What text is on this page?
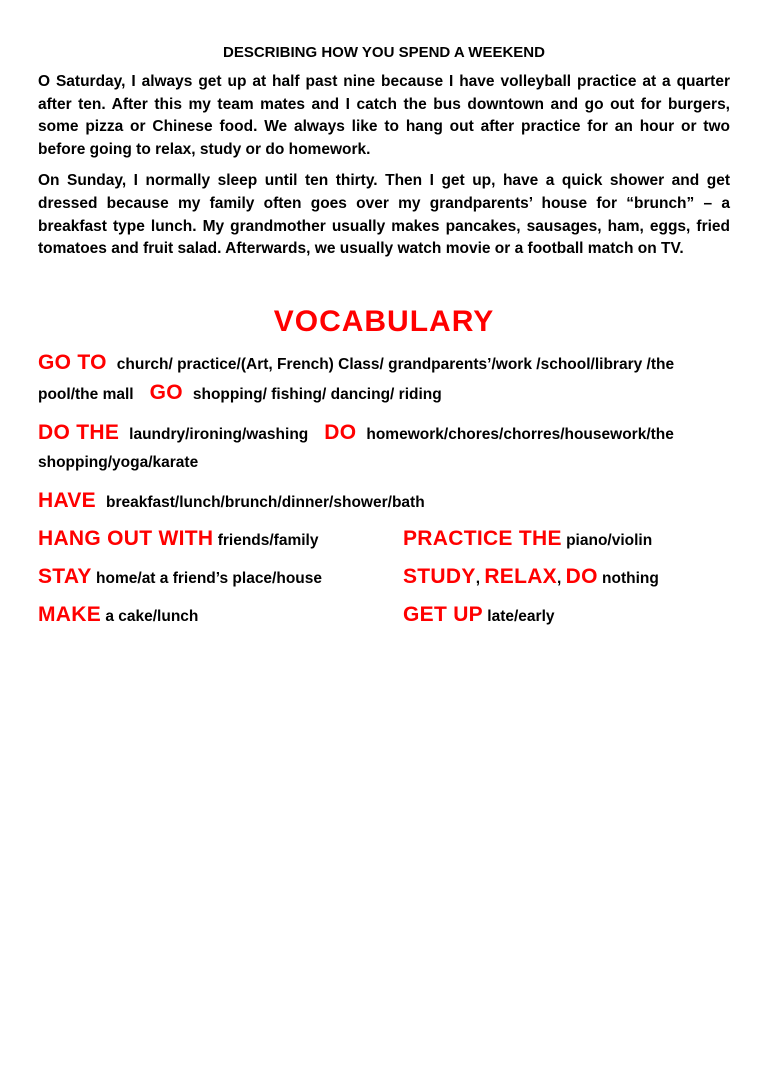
DESCRIBING HOW YOU SPEND A WEEKEND

O Saturday, I always get up at half past nine because I have volleyball practice at a quarter after ten. After this my team mates and I catch the bus downtown and go out for burgers, some pizza or Chinese food. We always like to hang out after practice for an hour or two before going to relax, study or do homework.

On Sunday, I normally sleep until ten thirty. Then I get up, have a quick shower and get dressed because my family often goes over my grandparents’ house for “brunch” – a breakfast type lunch. My grandmother usually makes pancakes, sausages, ham, eggs, fried tomatoes and fruit salad. Afterwards, we usually watch movie or a football match on TV.

VOCABULARY

GO TO church/ practice/(Art, French) Class/ grandparents’/work /school/library /the

pool/the mall GO shopping/ fishing/ dancing/ riding

DO THE laundry/ironing/washing DO homework/chores/chorres/housework/the

shopping/yoga/karate

HAVE breakfast/lunch/brunch/dinner/shower/bath

HANG OUT WITH friends/family	PRACTICE THE piano/violin

STAY home/at a friend’s place/house	STUDY, RELAX, DO nothing

MAKE a cake/lunch	GET UP late/early
